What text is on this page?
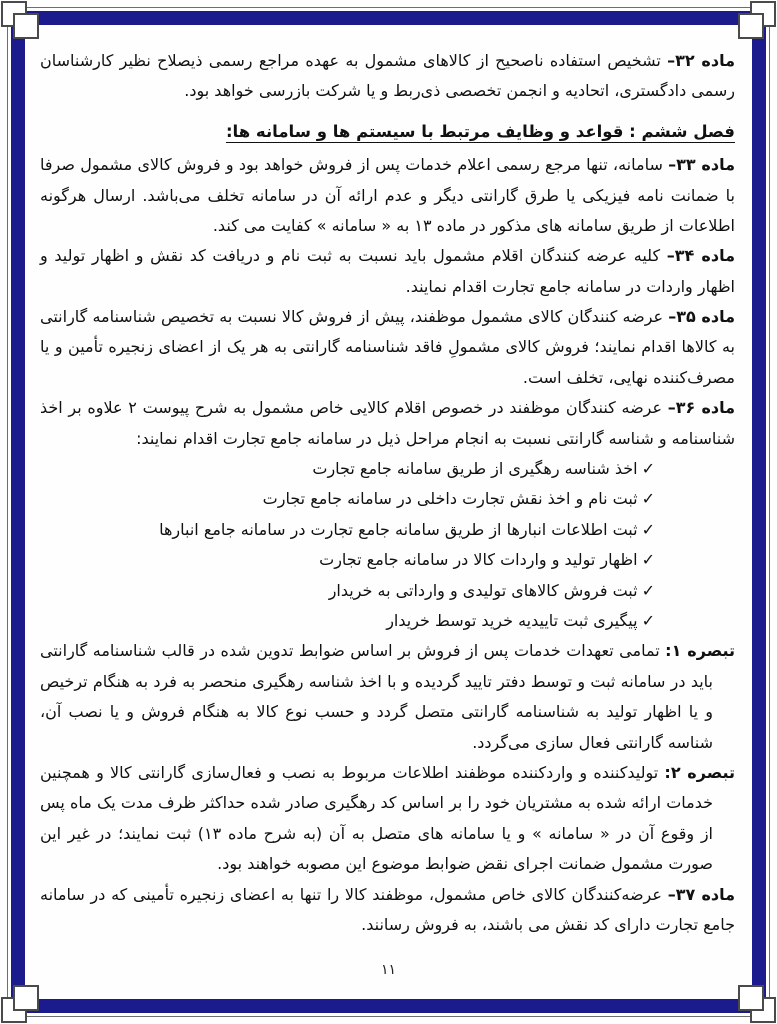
ماده ۳۲– تشخیص استفاده ناصحیح از کالاهای مشمول به عهده مراجع رسمی ذیصلاح نظیر کارشناسان رسمی دادگستری، اتحادیه و انجمن تخصصی ذی‌ربط و یا شرکت بازرسی خواهد بود.

فصل ششم : قواعد و وظایف مرتبط با سیستم ها و سامانه ها:

ماده ۳۳– سامانه، تنها مرجع رسمی اعلام خدمات پس از فروش خواهد بود و فروش کالای مشمول صرفا با ضمانت نامه فیزیکی یا طرق گارانتی دیگر و عدم ارائه آن در سامانه تخلف می‌باشد. ارسال هرگونه اطلاعات از طریق سامانه های مذکور در ماده ۱۳ به « سامانه » کفایت می کند.

ماده ۳۴– کلیه عرضه کنندگان اقلام مشمول باید نسبت به ثبت نام و دریافت کد نقش و اظهار تولید و اظهار واردات در سامانه جامع تجارت اقدام نمایند.

ماده ۳۵– عرضه کنندگان کالای مشمول موظفند، پیش از فروش کالا نسبت به تخصیص شناسنامه گارانتی به کالاها اقدام نمایند؛ فروش کالای مشمولِ فاقد شناسنامه گارانتی به هر یک از اعضای زنجیره تأمین و یا مصرف‌کننده نهایی، تخلف است.

ماده ۳۶– عرضه کنندگان موظفند در خصوص اقلام کالایی خاص مشمول به شرح پیوست ۲ علاوه بر اخذ شناسنامه و شناسه گارانتی نسبت به انجام مراحل ذیل در سامانه جامع تجارت اقدام نمایند:

✓اخذ شناسه رهگیری از طریق سامانه جامع تجارت
✓ثبت نام و اخذ نقش تجارت داخلی در سامانه جامع تجارت
✓ثبت اطلاعات انبارها از طریق سامانه جامع تجارت در سامانه جامع انبارها
✓اظهار تولید و واردات کالا در سامانه جامع تجارت
✓ثبت فروش کالاهای تولیدی و وارداتی به خریدار
✓پیگیری ثبت تاییدیه خرید توسط خریدار

تبصره ۱: تمامی تعهدات خدمات پس از فروش بر اساس ضوابط تدوین شده در قالب شناسنامه گارانتی باید در سامانه ثبت و توسط دفتر تایید گردیده و با اخذ شناسه رهگیری منحصر به فرد به هنگام ترخیص و یا اظهار تولید به شناسنامه گارانتی متصل گردد و حسب نوع کالا به هنگام فروش و یا نصب آن، شناسه گارانتی فعال سازی می‌گردد.

تبصره ۲: تولیدکننده و واردکننده موظفند اطلاعات مربوط به نصب و فعال‌سازی گارانتی کالا و همچنین خدمات ارائه شده به مشتریان خود را بر اساس کد رهگیری صادر شده حداکثر ظرف مدت یک ماه پس از وقوع آن در « سامانه » و یا سامانه های متصل به آن (به شرح ماده ۱۳) ثبت نمایند؛ در غیر این صورت مشمول ضمانت اجرای نقض ضوابط موضوع این مصوبه خواهند بود.

ماده ۳۷– عرضه‌کنندگان کالای خاص مشمول، موظفند کالا را تنها به اعضای زنجیره تأمینی که در سامانه جامع تجارت دارای کد نقش می باشند، به فروش رسانند.

۱۱
